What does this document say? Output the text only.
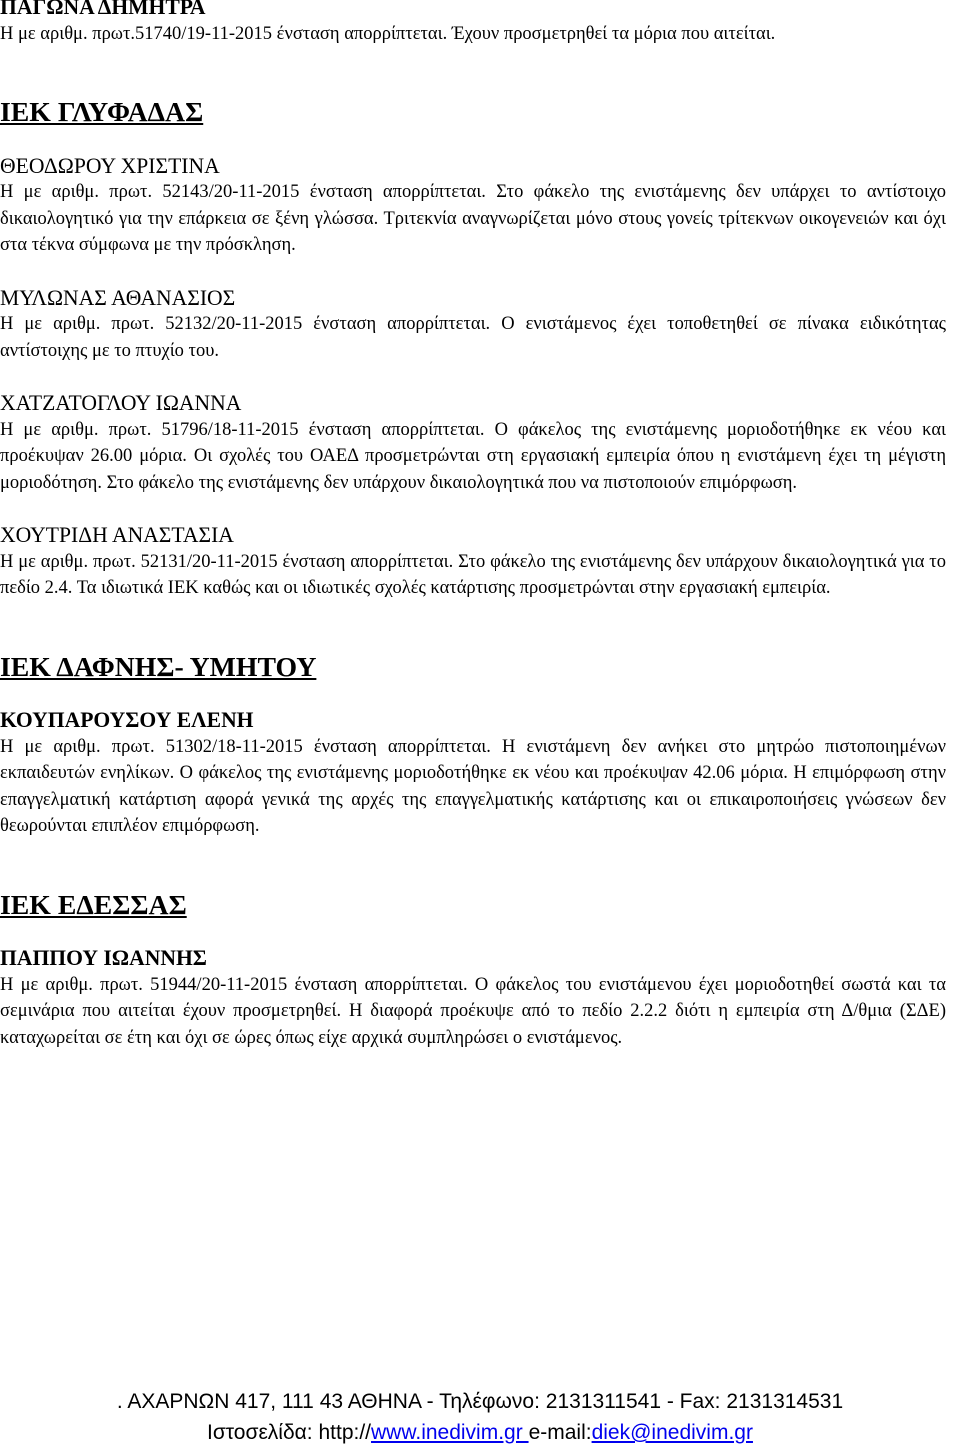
ΠΑΓΩΝΑ ΔΗΜΗΤΡΑ

Η με αριθμ. πρωτ.51740/19-11-2015 ένσταση απορρίπτεται. Έχουν προσμετρηθεί τα μόρια που αιτείται.

ΙΕΚ ΓΛΥΦΑΔΑΣ
ΘΕΟΔΩΡΟΥ ΧΡΙΣΤΙΝΑ

Η με αριθμ. πρωτ. 52143/20-11-2015 ένσταση απορρίπτεται. Στο φάκελο της ενιστάμενης δεν υπάρχει το αντίστοιχο δικαιολογητικό για την επάρκεια σε ξένη γλώσσα. Τριτεκνία αναγνωρίζεται μόνο στους γονείς τρίτεκνων οικογενειών και όχι στα τέκνα σύμφωνα με την πρόσκληση.

ΜΥΛΩΝΑΣ ΑΘΑΝΑΣΙΟΣ

Η με αριθμ. πρωτ. 52132/20-11-2015 ένσταση απορρίπτεται. Ο ενιστάμενος έχει τοποθετηθεί σε πίνακα ειδικότητας αντίστοιχης με το πτυχίο του.

ΧΑΤΖΑΤΟΓΛΟΥ ΙΩΑΝΝΑ

Η με αριθμ. πρωτ. 51796/18-11-2015 ένσταση απορρίπτεται. Ο φάκελος της ενιστάμενης μοριοδοτήθηκε εκ νέου και προέκυψαν 26.00 μόρια. Οι σχολές του ΟΑΕΔ προσμετρώνται στη εργασιακή εμπειρία όπου η ενιστάμενη έχει τη μέγιστη μοριοδότηση. Στο φάκελο της ενιστάμενης δεν υπάρχουν δικαιολογητικά που να πιστοποιούν επιμόρφωση.

ΧΟΥΤΡΙΔΗ ΑΝΑΣΤΑΣΙΑ

Η με αριθμ. πρωτ. 52131/20-11-2015 ένσταση απορρίπτεται. Στο φάκελο της ενιστάμενης δεν υπάρχουν δικαιολογητικά για το πεδίο 2.4. Τα ιδιωτικά ΙΕΚ καθώς και οι ιδιωτικές σχολές κατάρτισης προσμετρώνται στην εργασιακή εμπειρία.

ΙΕΚ ΔΑΦΝΗΣ- ΥΜΗΤΟΥ
ΚΟΥΠΑΡΟΥΣΟΥ ΕΛΕΝΗ

Η με αριθμ. πρωτ. 51302/18-11-2015 ένσταση απορρίπτεται. Η ενιστάμενη δεν ανήκει στο μητρώο πιστοποιημένων εκπαιδευτών ενηλίκων. Ο φάκελος της ενιστάμενης μοριοδοτήθηκε εκ νέου και προέκυψαν 42.06 μόρια. Η επιμόρφωση στην επαγγελματική κατάρτιση αφορά γενικά της αρχές της επαγγελματικής κατάρτισης και οι επικαιροποιήσεις γνώσεων δεν θεωρούνται επιπλέον επιμόρφωση.

ΙΕΚ ΕΔΕΣΣΑΣ
ΠΑΠΠΟΥ ΙΩΑΝΝΗΣ

Η με αριθμ. πρωτ. 51944/20-11-2015 ένσταση απορρίπτεται. Ο φάκελος του ενιστάμενου έχει μοριοδοτηθεί σωστά και τα σεμινάρια που αιτείται έχουν προσμετρηθεί. Η διαφορά προέκυψε από το πεδίο 2.2.2 διότι η εμπειρία στη Δ/θμια (ΣΔΕ) καταχωρείται σε έτη και όχι σε ώρες όπως είχε αρχικά συμπληρώσει ο ενιστάμενος.

. ΑΧΑΡΝΩΝ 417, 111 43 ΑΘΗΝΑ - Τηλέφωνο: 2131311541 - Fax: 2131314531
Ιστοσελίδα: http://www.inedivim.gr e-mail:diek@inedivim.gr
